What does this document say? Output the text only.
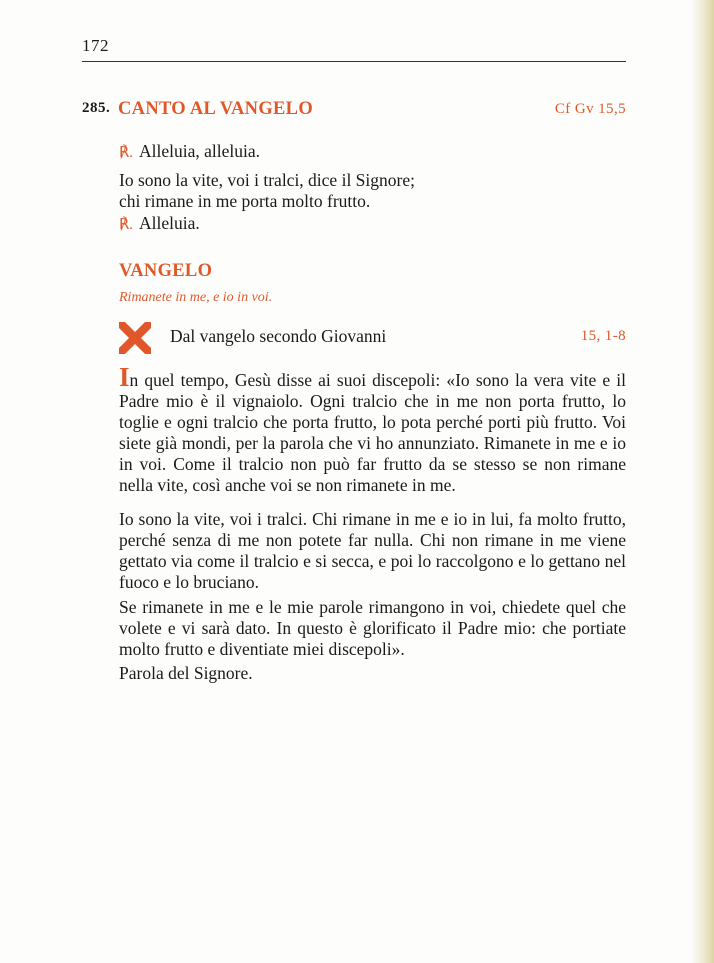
172
285. CANTO AL VANGELO	Cf Gv 15,5
℟. Alleluia, alleluia.
Io sono la vite, voi i tralci, dice il Signore;
chi rimane in me porta molto frutto.
℟. Alleluia.
VANGELO
Rimanete in me, e io in voi.
Dal vangelo secondo Giovanni	15, 1-8

In quel tempo, Gesù disse ai suoi discepoli: «Io sono la vera vite e il Padre mio è il vignaiolo. Ogni tralcio che in me non porta frutto, lo toglie e ogni tralcio che porta frutto, lo pota perché porti più frutto. Voi siete già mondi, per la parola che vi ho annunziato. Rimanete in me e io in voi. Come il tralcio non può far frutto da se stesso se non rimane nella vite, così anche voi se non rimanete in me.

Io sono la vite, voi i tralci. Chi rimane in me e io in lui, fa molto frutto, perché senza di me non potete far nulla. Chi non rimane in me viene gettato via come il tralcio e si secca, e poi lo raccolgono e lo gettano nel fuoco e lo bruciano.

Se rimanete in me e le mie parole rimangono in voi, chiedete quel che volete e vi sarà dato. In questo è glorificato il Padre mio: che portiate molto frutto e diventiate miei discepoli».

Parola del Signore.
